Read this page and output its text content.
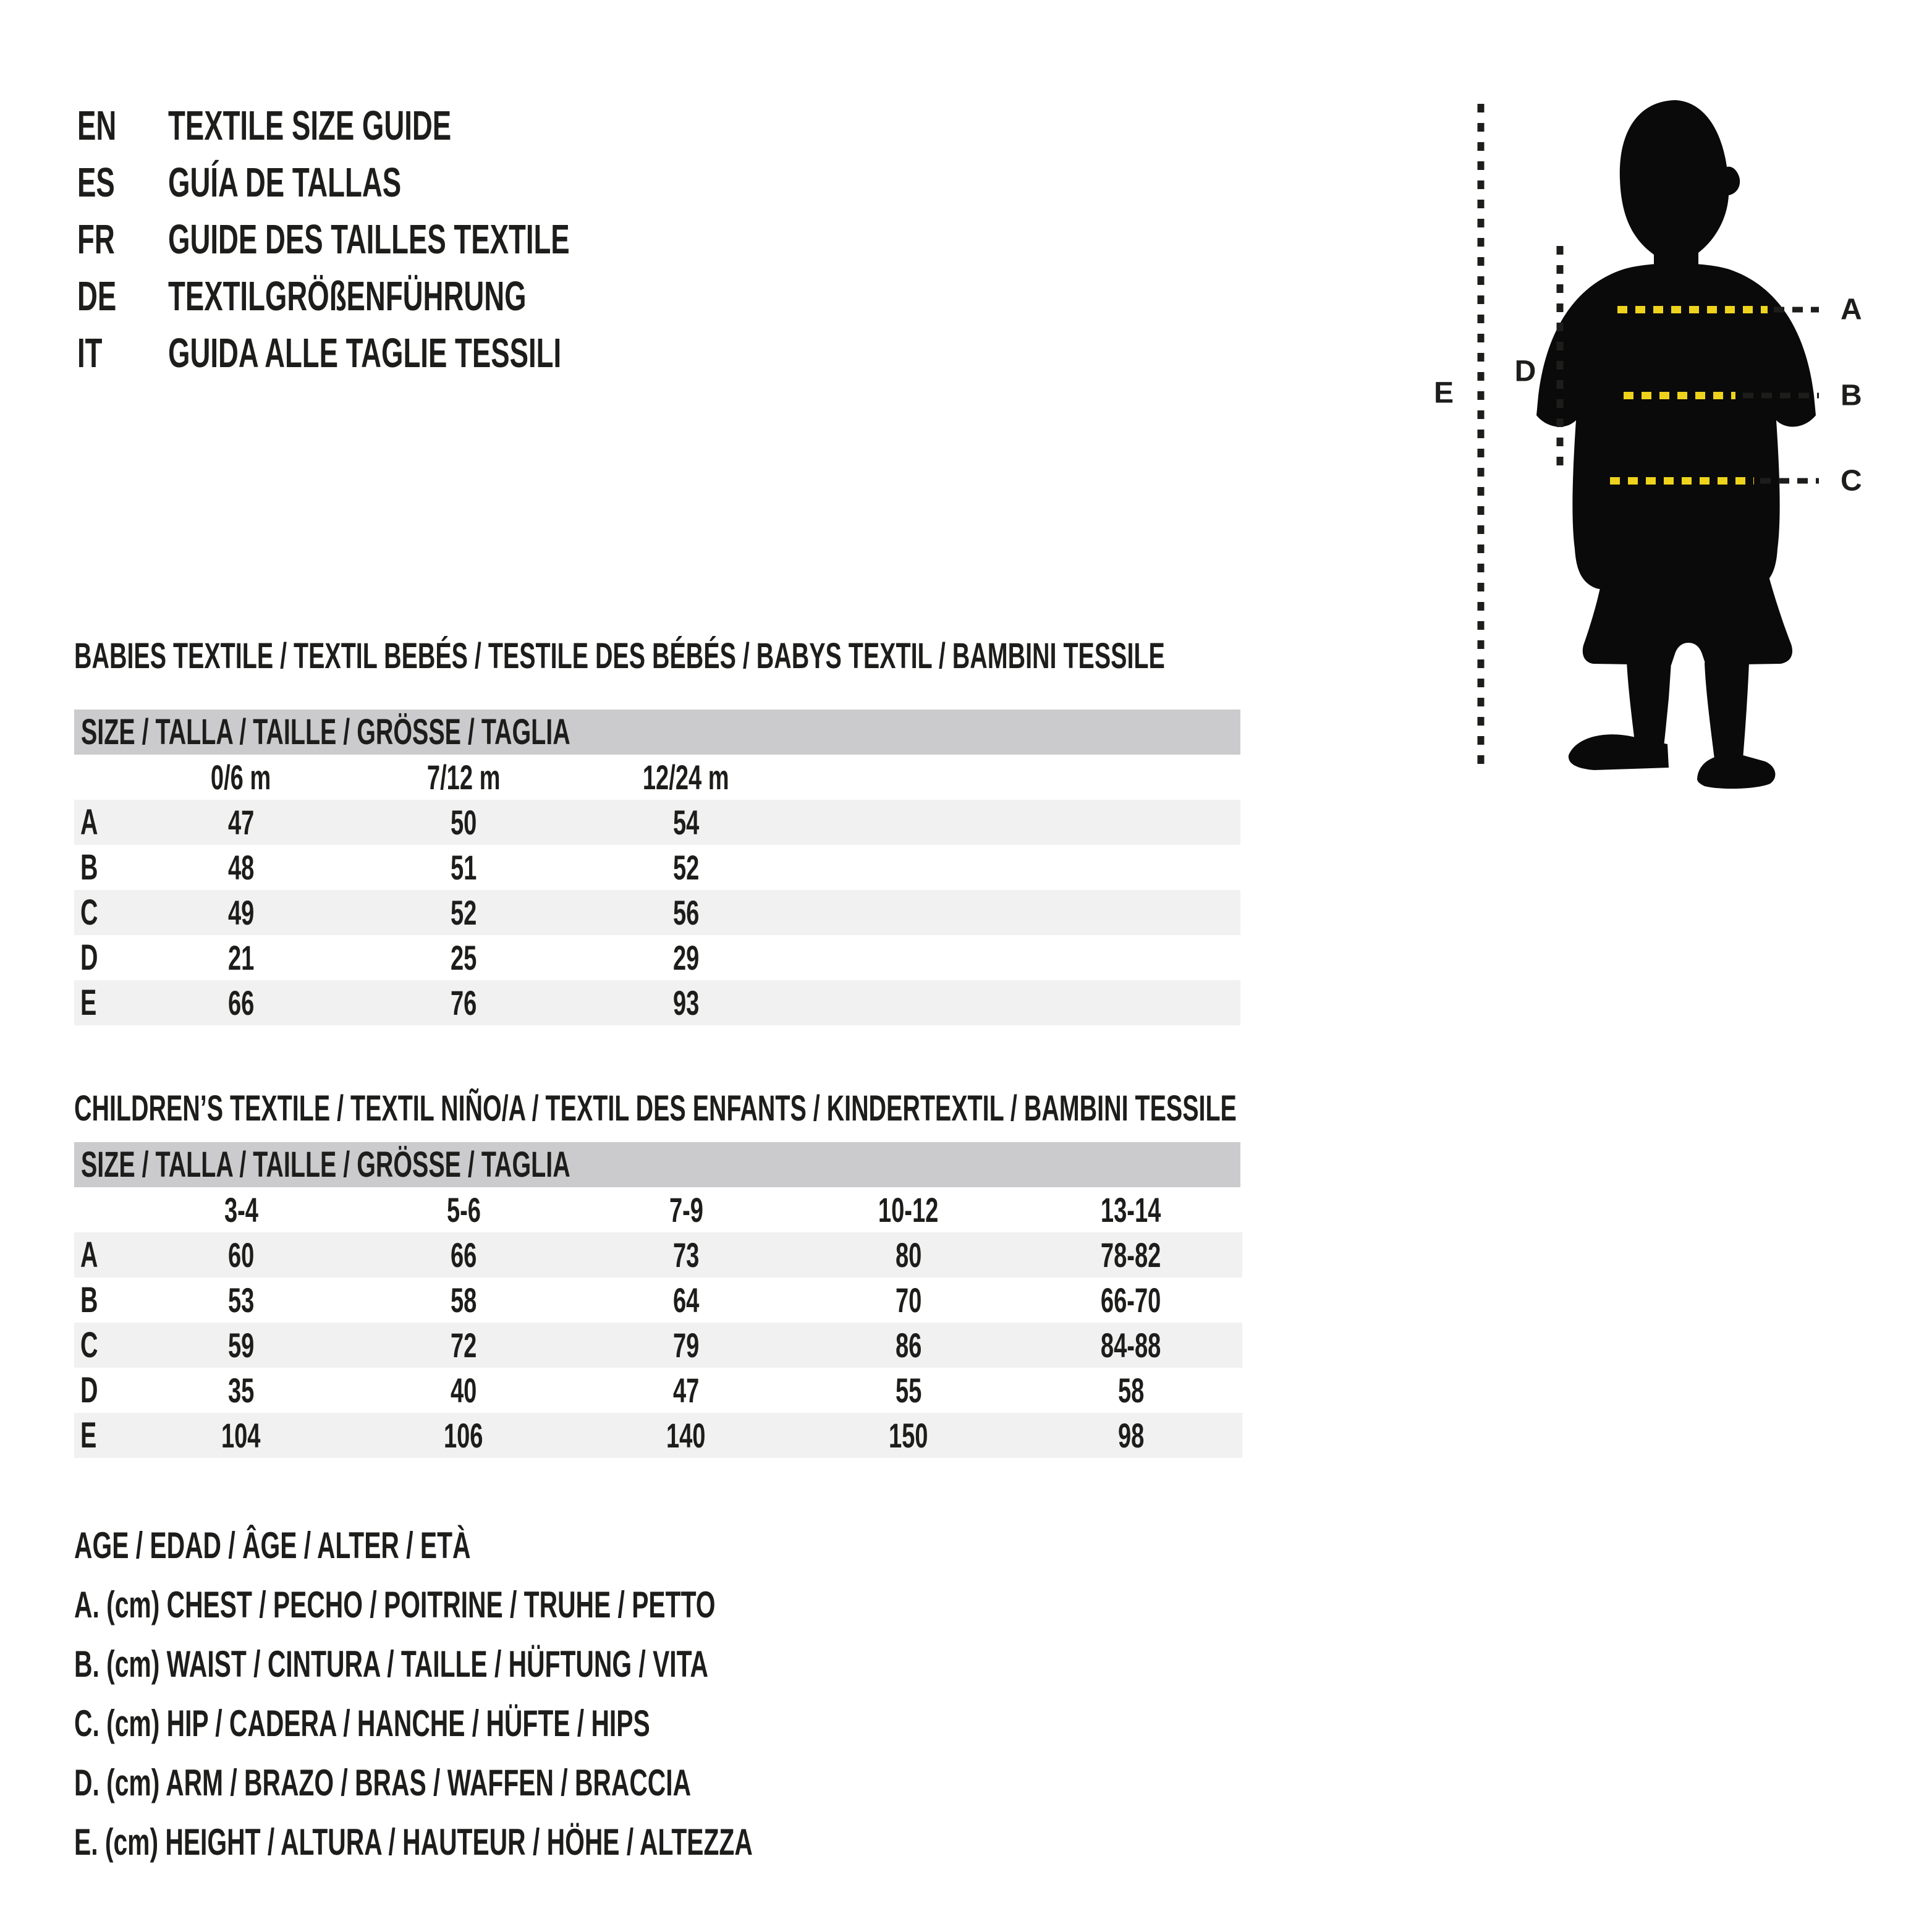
EN	TEXTILE SIZE GUIDE
ES	GUÍA DE TALLAS
FR	GUIDE DES TAILLES TEXTILE
DE	TEXTILGRÖßENFÜHRUNG
IT	GUIDA ALLE TAGLIE TESSILI
A
B
C
D
E
BABIES TEXTILE / TEXTIL BEBÉS / TESTILE DES BÉBÉS / BABYS TEXTIL / BAMBINI TESSILE
SIZE / TALLA / TAILLE / GRÖSSE / TAGLIA
	0/6 m	7/12 m	12/24 m	
A	47	50	54	
B	48	51	52	
C	49	52	56	
D	21	25	29	
E	66	76	93	
CHILDREN’S TEXTILE / TEXTIL NIÑO/A / TEXTIL DES ENFANTS / KINDERTEXTIL / BAMBINI TESSILE
SIZE / TALLA / TAILLE / GRÖSSE / TAGLIA
	3-4	5-6	7-9	10-12	13-14
A	60	66	73	80	78-82
B	53	58	64	70	66-70
C	59	72	79	86	84-88
D	35	40	47	55	58
E	104	106	140	150	98
AGE / EDAD / ÂGE / ALTER / ETÀ
A. (cm) CHEST / PECHO / POITRINE / TRUHE / PETTO
B. (cm) WAIST / CINTURA / TAILLE / HÜFTUNG / VITA
C. (cm) HIP / CADERA / HANCHE / HÜFTE / HIPS
D. (cm) ARM / BRAZO / BRAS / WAFFEN / BRACCIA
E. (cm) HEIGHT / ALTURA / HAUTEUR / HÖHE / ALTEZZA
